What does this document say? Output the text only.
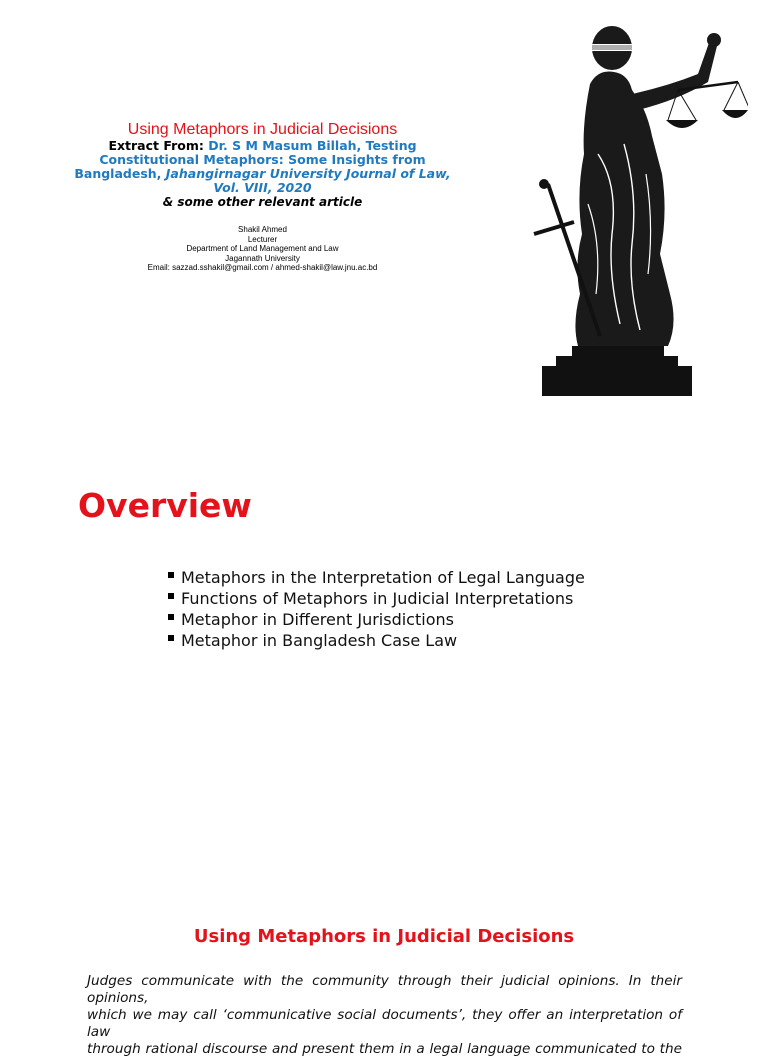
Using Metaphors in Judicial Decisions
Extract From: Dr. S M Masum Billah, Testing Constitutional Metaphors: Some Insights from Bangladesh, Jahangirnagar University Journal of Law, Vol. VIII, 2020
& some other relevant article
Shakil Ahmed
Lecturer
Department of Land Management and Law
Jagannath University
Email: sazzad.sshakil@gmail.com / ahmed-shakil@law.jnu.ac.bd
Overview
Metaphors in the Interpretation of Legal Language
Functions of Metaphors in Judicial Interpretations
Metaphor in Different Jurisdictions
Metaphor in Bangladesh Case Law
Using Metaphors in Judicial Decisions
Judges communicate with the community through their judicial opinions. In their opinions,
which we may call ‘communicative social documents’, they offer an interpretation of law
through rational discourse and present them in a legal language communicated to the
